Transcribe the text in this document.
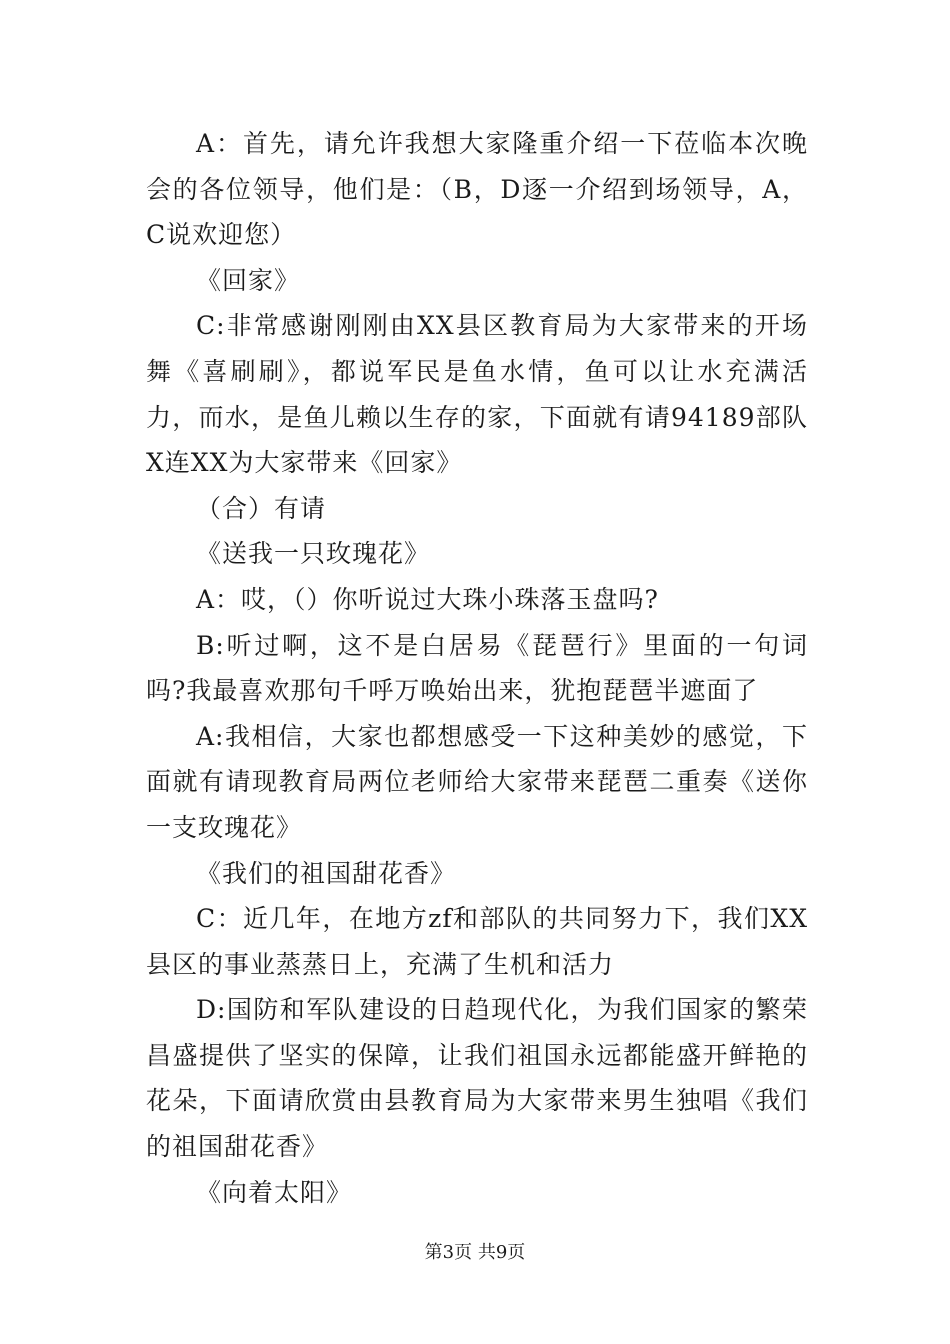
A：首先，请允许我想大家隆重介绍一下莅临本次晚会的各位领导，他们是：（B，D逐一介绍到场领导，A，C说欢迎您）

《回家》

C:非常感谢刚刚由XX县区教育局为大家带来的开场舞《喜刷刷》，都说军民是鱼水情，鱼可以让水充满活力，而水，是鱼儿赖以生存的家，下面就有请94189部队X连XX为大家带来《回家》

（合）有请

《送我一只玫瑰花》

A：哎，（）你听说过大珠小珠落玉盘吗?

B:听过啊，这不是白居易《琵琶行》里面的一句词吗?我最喜欢那句千呼万唤始出来，犹抱琵琶半遮面了

A:我相信，大家也都想感受一下这种美妙的感觉，下面就有请现教育局两位老师给大家带来琵琶二重奏《送你一支玫瑰花》

《我们的祖国甜花香》

C：近几年，在地方zf和部队的共同努力下，我们XX县区的事业蒸蒸日上，充满了生机和活力

D:国防和军队建设的日趋现代化，为我们国家的繁荣昌盛提供了坚实的保障，让我们祖国永远都能盛开鲜艳的花朵，下面请欣赏由县教育局为大家带来男生独唱《我们的祖国甜花香》

《向着太阳》

第3页 共9页
